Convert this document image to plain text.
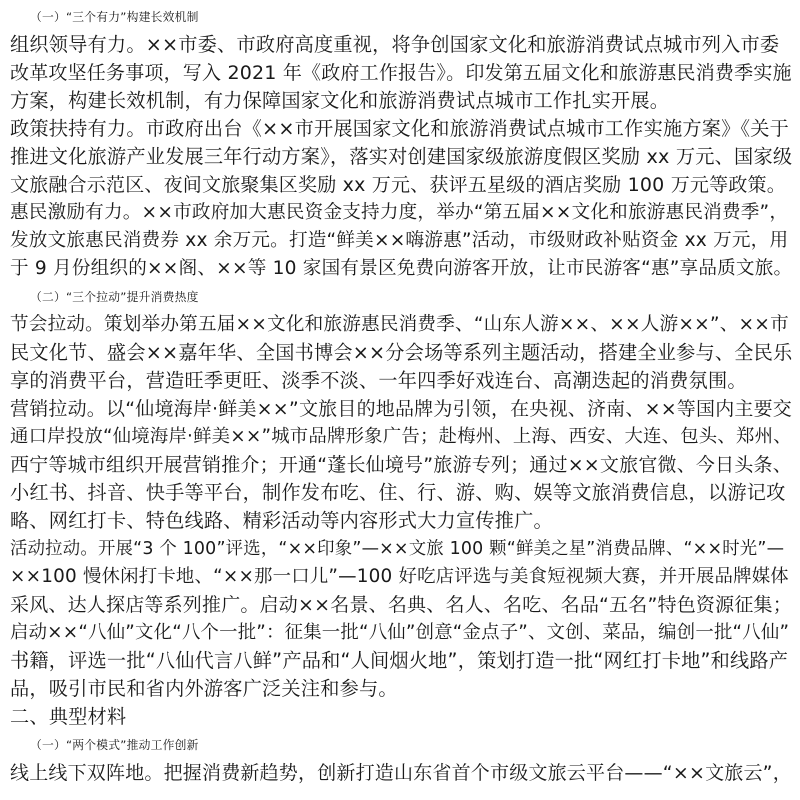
（一）“三个有力”构建长效机制
组织领导有力。××市委、市政府高度重视，将争创国家文化和旅游消费试点城市列入市委
改革攻坚任务事项，写入 2021 年《政府工作报告》。印发第五届文化和旅游惠民消费季实施
方案，构建长效机制，有力保障国家文化和旅游消费试点城市工作扎实开展。
政策扶持有力。市政府出台《××市开展国家文化和旅游消费试点城市工作实施方案》《关于
推进文化旅游产业发展三年行动方案》，落实对创建国家级旅游度假区奖励 xx 万元、国家级
文旅融合示范区、夜间文旅聚集区奖励 xx 万元、获评五星级的酒店奖励 100 万元等政策。
惠民激励有力。××市政府加大惠民资金支持力度，举办“第五届××文化和旅游惠民消费季”，
发放文旅惠民消费券 xx 余万元。打造“鲜美××嗨游惠”活动，市级财政补贴资金 xx 万元，用
于 9 月份组织的××阁、××等 10 家国有景区免费向游客开放，让市民游客“惠”享品质文旅。
（二）“三个拉动”提升消费热度
节会拉动。策划举办第五届××文化和旅游惠民消费季、“山东人游××、××人游××”、××市
民文化节、盛会××嘉年华、全国书博会××分会场等系列主题活动，搭建全业参与、全民乐
享的消费平台，营造旺季更旺、淡季不淡、一年四季好戏连台、高潮迭起的消费氛围。
营销拉动。以“仙境海岸·鲜美××”文旅目的地品牌为引领，在央视、济南、××等国内主要交
通口岸投放“仙境海岸·鲜美××”城市品牌形象广告；赴梅州、上海、西安、大连、包头、郑州、
西宁等城市组织开展营销推介；开通“蓬长仙境号”旅游专列；通过××文旅官微、今日头条、
小红书、抖音、快手等平台，制作发布吃、住、行、游、购、娱等文旅消费信息，以游记攻
略、网红打卡、特色线路、精彩活动等内容形式大力宣传推广。
活动拉动。开展“3 个 100”评选，“××印象”—××文旅 100 颗“鲜美之星”消费品牌、“××时光”—
××100 慢休闲打卡地、“××那一口儿”—100 好吃店评选与美食短视频大赛，并开展品牌媒体
采风、达人探店等系列推广。启动××名景、名典、名人、名吃、名品“五名”特色资源征集；
启动××“八仙”文化“八个一批”：征集一批“八仙”创意“金点子”、文创、菜品，编创一批“八仙”
书籍，评选一批“八仙代言八鲜”产品和“人间烟火地”，策划打造一批“网红打卡地”和线路产
品，吸引市民和省内外游客广泛关注和参与。
二、典型材料
（一）“两个模式”推动工作创新
线上线下双阵地。把握消费新趋势，创新打造山东省首个市级文旅云平台——“××文旅云”，
